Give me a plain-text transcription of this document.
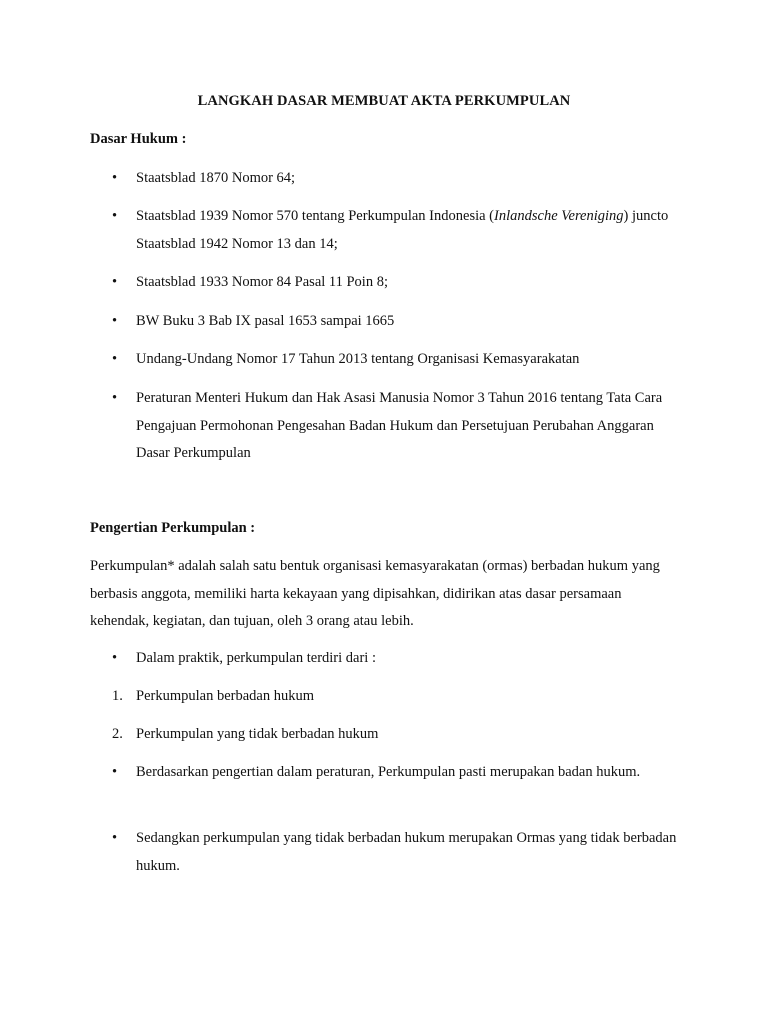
LANGKAH DASAR MEMBUAT AKTA PERKUMPULAN
Dasar Hukum :
•	Staatsblad 1870 Nomor 64;
•	Staatsblad 1939 Nomor 570 tentang Perkumpulan Indonesia (Inlandsche Vereniging) juncto Staatsblad 1942 Nomor 13 dan 14;
•	Staatsblad 1933 Nomor 84 Pasal 11 Poin 8;
•	BW Buku 3 Bab IX pasal 1653 sampai 1665
•	Undang-Undang Nomor 17 Tahun 2013 tentang Organisasi Kemasyarakatan
•	Peraturan Menteri Hukum dan Hak Asasi Manusia Nomor 3 Tahun 2016 tentang Tata Cara Pengajuan Permohonan Pengesahan Badan Hukum dan Persetujuan Perubahan Anggaran Dasar Perkumpulan
Pengertian Perkumpulan :
Perkumpulan* adalah salah satu bentuk organisasi kemasyarakatan (ormas) berbadan hukum yang berbasis anggota, memiliki harta kekayaan yang dipisahkan, didirikan atas dasar persamaan kehendak, kegiatan, dan tujuan, oleh 3 orang atau lebih.
•	Dalam praktik, perkumpulan terdiri dari :
1. Perkumpulan berbadan hukum
2. Perkumpulan yang tidak berbadan hukum
•	Berdasarkan pengertian dalam peraturan, Perkumpulan pasti merupakan badan hukum.
•	Sedangkan perkumpulan yang tidak berbadan hukum merupakan Ormas yang tidak berbadan hukum.
